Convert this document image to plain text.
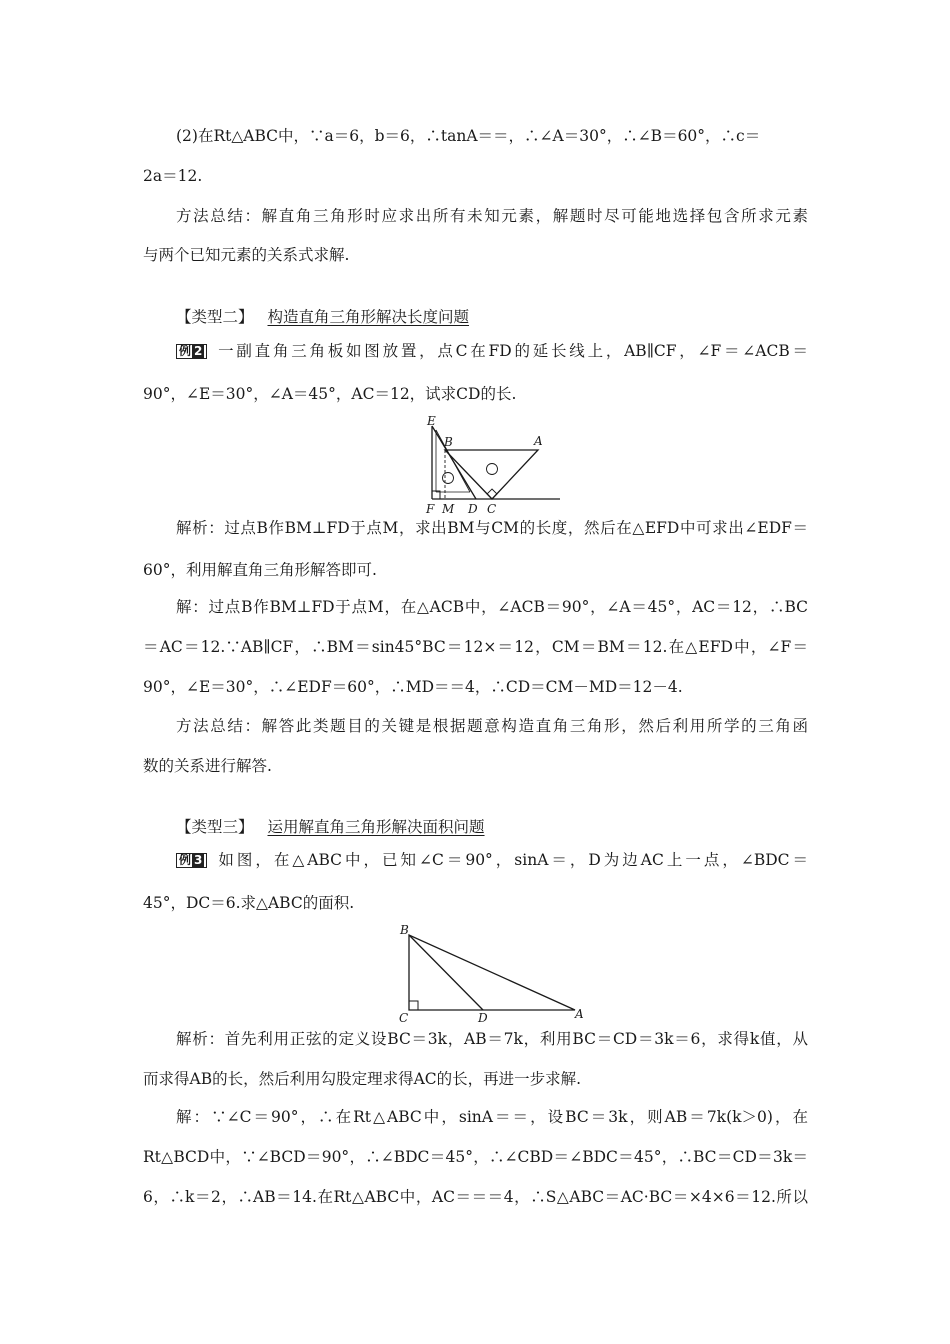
(2)在Rt△ABC中，∵a＝6，b＝6，∴tanA＝＝，∴∠A＝30°，∴∠B＝60°，∴c＝
2a＝12.
方法总结：解直角三角形时应求出所有未知元素，解题时尽可能地选择包含所求元素
与两个已知元素的关系式求解.
【类型二】 构造直角三角形解决长度问题
例 2 一副直角三角板如图放置，点C在FD的延长线上，AB∥CF，∠F＝∠ACB＝
90°，∠E＝30°，∠A＝45°，AC＝12，试求CD的长.
E
B	A
F M D C
解析：过点B作BM⊥FD于点M，求出BM与CM的长度，然后在△EFD中可求出∠EDF＝
60°，利用解直角三角形解答即可.
解：过点B作BM⊥FD于点M，在△ACB中，∠ACB＝90°，∠A＝45°，AC＝12，∴BC
＝AC＝12.∵AB∥CF，∴BM＝sin45°BC＝12×＝12，CM＝BM＝12.在△EFD中，∠F＝
90°，∠E＝30°，∴∠EDF＝60°，∴MD＝＝4，∴CD＝CM－MD＝12－4.
方法总结：解答此类题目的关键是根据题意构造直角三角形，然后利用所学的三角函
数的关系进行解答.
【类型三】 运用解直角三角形解决面积问题
例 3 如图，在△ABC中，已知∠C＝90°，sinA＝，D为边AC上一点，∠BDC＝
45°，DC＝6.求△ABC的面积.
B
C	D	A
解析：首先利用正弦的定义设BC＝3k，AB＝7k，利用BC＝CD＝3k＝6，求得k值，从
而求得AB的长，然后利用勾股定理求得AC的长，再进一步求解.
解：∵∠C＝90°，∴在Rt△ABC中，sinA＝＝，设BC＝3k，则AB＝7k(k＞0)，在
Rt△BCD中，∵∠BCD＝90°，∴∠BDC＝45°，∴∠CBD＝∠BDC＝45°，∴BC＝CD＝3k＝
6，∴k＝2，∴AB＝14.在Rt△ABC中，AC＝＝＝4，∴S△ABC＝AC·BC＝×4×6＝12.所以
